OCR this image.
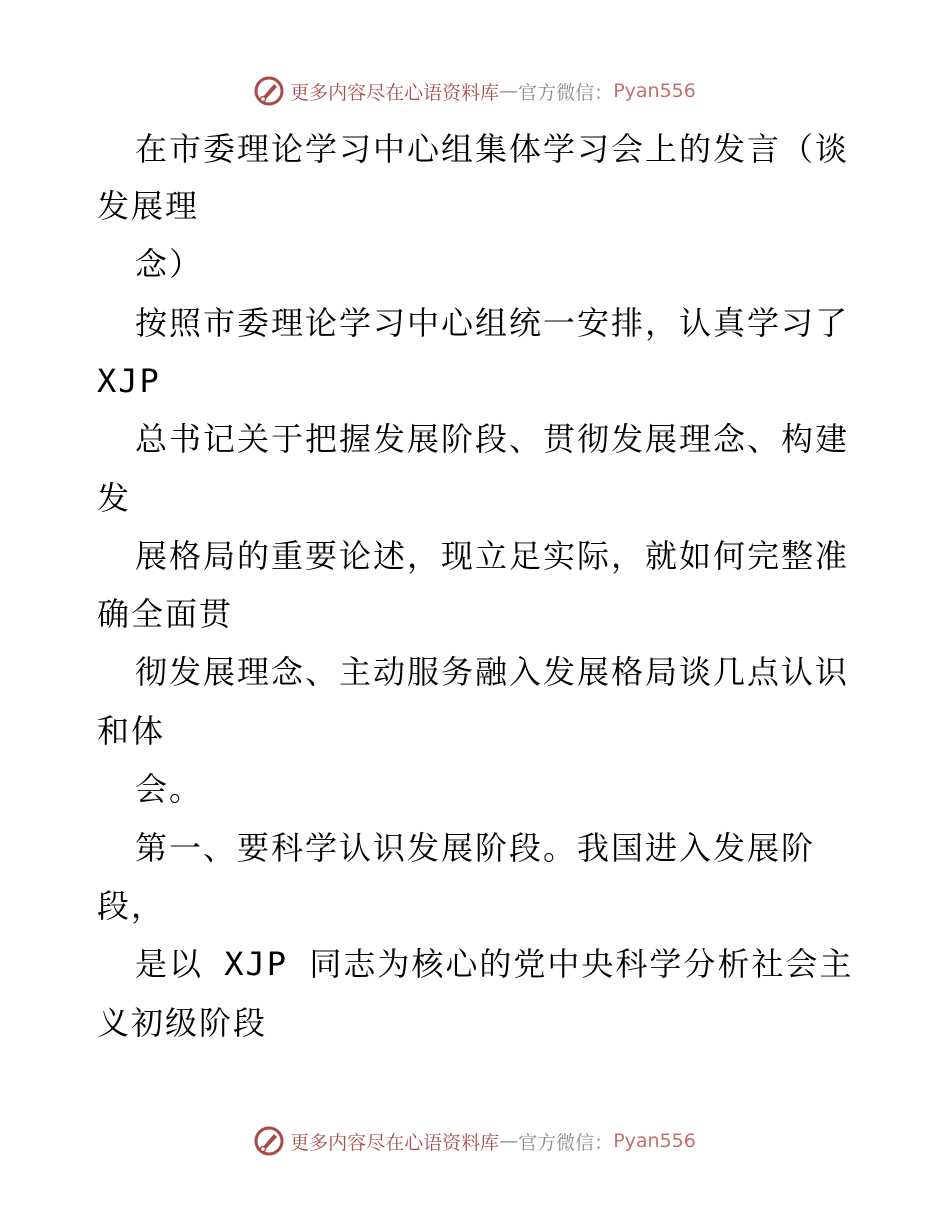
更多内容尽在心语资料库 — 官方微信： Pyan556
在市委理论学习中心组集体学习会上的发言（谈
发展理
念）
按照市委理论学习中心组统一安排，认真学习了
XJP
总书记关于把握发展阶段、贯彻发展理念、构建
发
展格局的重要论述，现立足实际，就如何完整准
确全面贯
彻发展理念、主动服务融入发展格局谈几点认识
和体
会。
第一、要科学认识发展阶段。我国进入发展阶
段，
是以 XJP 同志为核心的党中央科学分析社会主
义初级阶段
更多内容尽在心语资料库 — 官方微信： Pyan556
